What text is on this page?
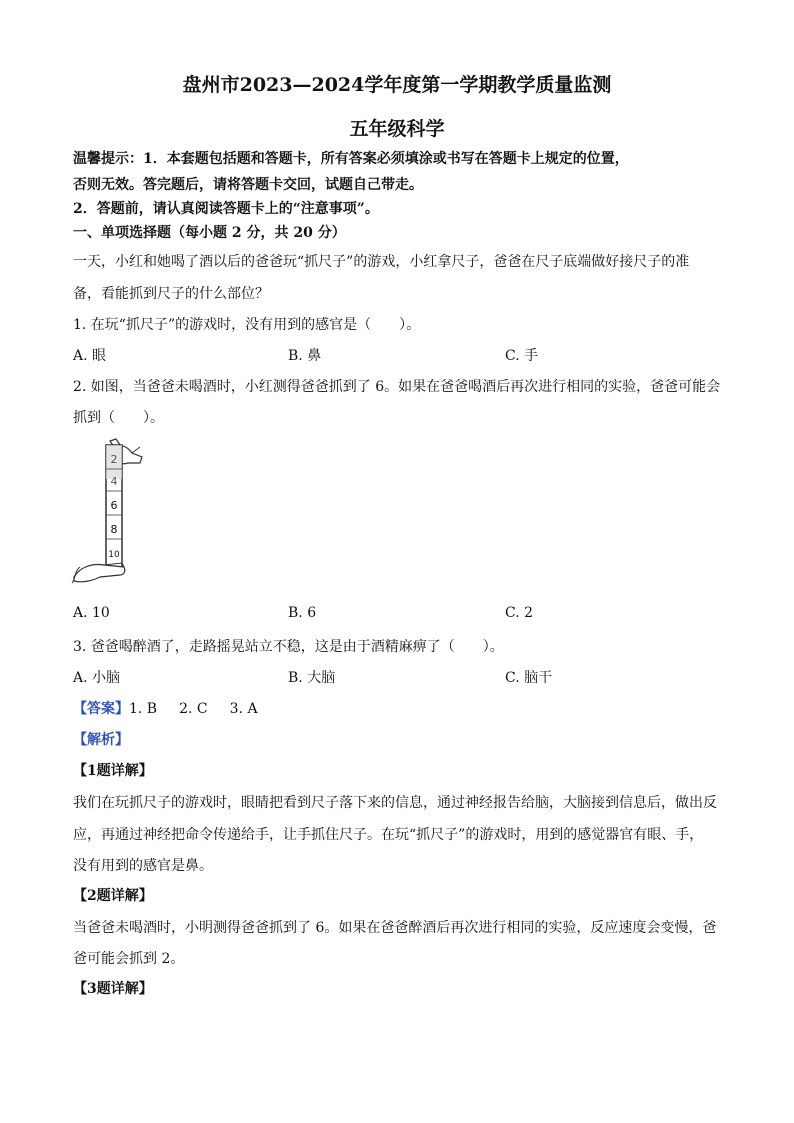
盘州市2023—2024学年度第一学期教学质量监测
五年级科学
温馨提示：1．本套题包括题和答题卡，所有答案必须填涂或书写在答题卡上规定的位置，
否则无效。答完题后，请将答题卡交回，试题自己带走。
2．答题前，请认真阅读答题卡上的“注意事项”。
一、单项选择题（每小题 2 分，共 20 分）
一天，小红和她喝了酒以后的爸爸玩“抓尺子”的游戏，小红拿尺子，爸爸在尺子底端做好接尺子的准
备，看能抓到尺子的什么部位？
1. 在玩“抓尺子”的游戏时，没有用到的感官是（　　）。
A. 眼	B. 鼻	C. 手
2. 如图，当爸爸未喝酒时，小红测得爸爸抓到了 6。如果在爸爸喝酒后再次进行相同的实验，爸爸可能会
抓到（　　）。
2
4
6
8
10
A. 10	B. 6	C. 2
3. 爸爸喝醉酒了，走路摇晃站立不稳，这是由于酒精麻痹了（　　）。
A. 小脑	B. 大脑	C. 脑干
【答案】1. B 2. C 3. A
【解析】
【1题详解】
我们在玩抓尺子的游戏时，眼睛把看到尺子落下来的信息，通过神经报告给脑，大脑接到信息后，做出反
应，再通过神经把命令传递给手，让手抓住尺子。在玩“抓尺子”的游戏时，用到的感觉器官有眼、手，
没有用到的感官是鼻。
【2题详解】
当爸爸未喝酒时，小明测得爸爸抓到了 6。如果在爸爸醉酒后再次进行相同的实验，反应速度会变慢，爸
爸可能会抓到 2。
【3题详解】
